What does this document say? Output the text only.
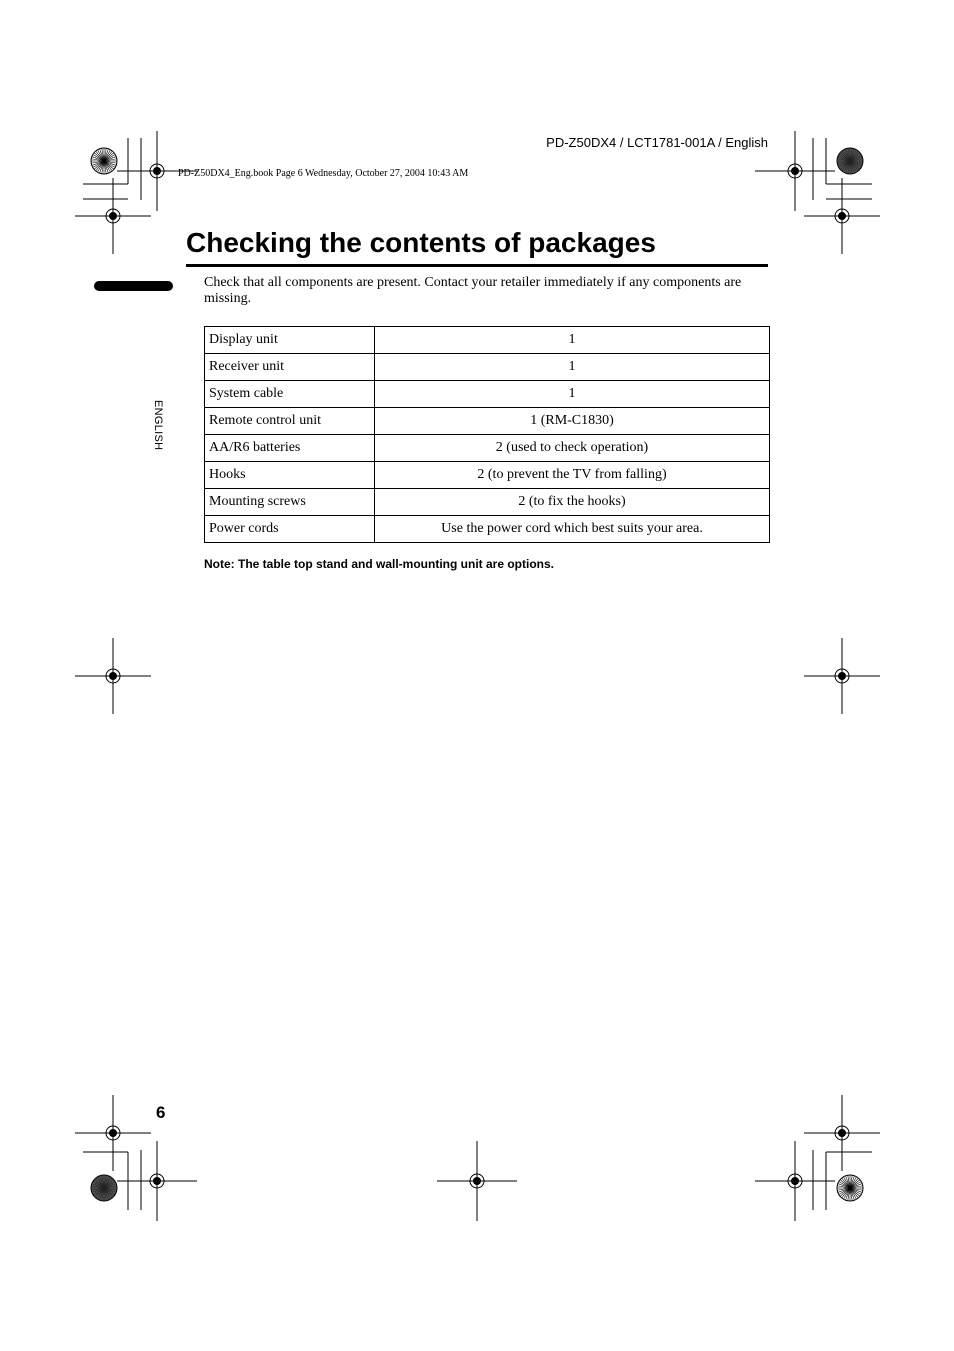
PD-Z50DX4 / LCT1781-001A / English
PD-Z50DX4_Eng.book Page 6 Wednesday, October 27, 2004 10:43 AM
Checking the contents of packages
ENGLISH

Check that all components are present. Contact your retailer immediately if any components are missing.

Display unit	1
Receiver unit	1
System cable	1
Remote control unit	1 (RM-C1830)
AA/R6 batteries	2 (used to check operation)
Hooks	2 (to prevent the TV from falling)
Mounting screws	2 (to fix the hooks)
Power cords	Use the power cord which best suits your area.
Note: The table top stand and wall-mounting unit are options.
6
